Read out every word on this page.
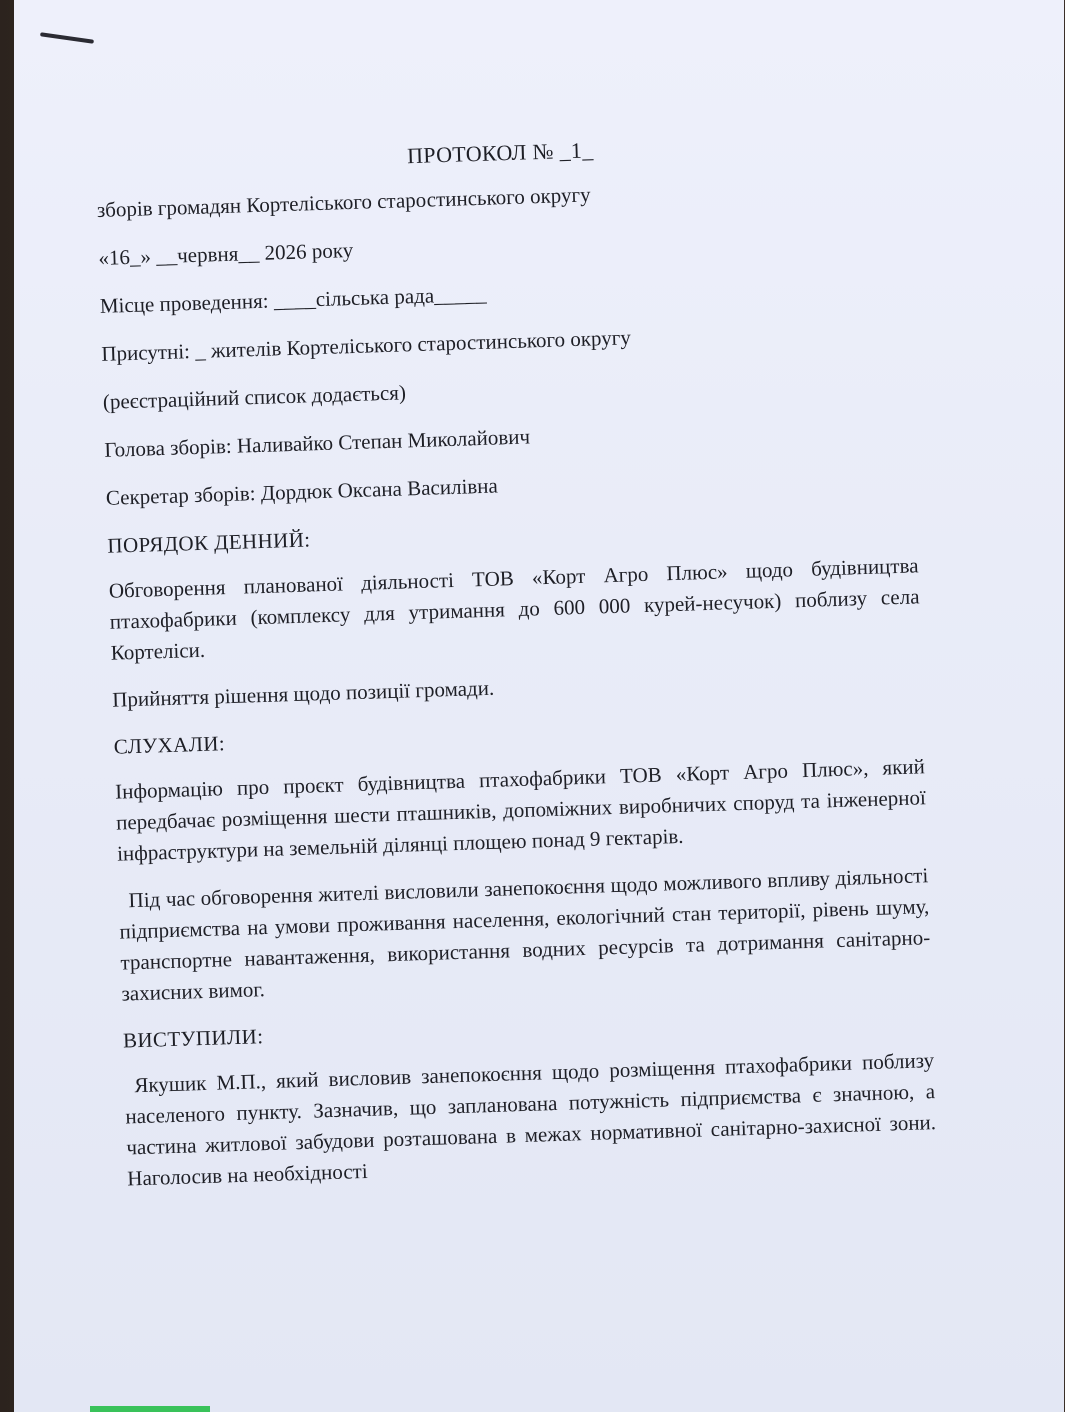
ПРОТОКОЛ № _1_
зборів громадян Кортеліського старостинського округу
«16_» __червня__ 2026 року
Місце проведення: ____сільська рада_____
Присутні: _ жителів Кортеліського старостинського округу
(реєстраційний список додається)
Голова зборів: Наливайко Степан Миколайович
Секретар зборів: Дордюк Оксана Василівна
ПОРЯДОК ДЕННИЙ:
Обговорення планованої діяльності ТОВ «Корт Агро Плюс» щодо будівництва птахофабрики (комплексу для утримання до 600 000 курей-несучок) поблизу села Кортеліси.
Прийняття рішення щодо позиції громади.
СЛУХАЛИ:
Інформацію про проєкт будівництва птахофабрики ТОВ «Корт Агро Плюс», який передбачає розміщення шести пташників, допоміжних виробничих споруд та інженерної інфраструктури на земельній ділянці площею понад 9 гектарів.
Під час обговорення жителі висловили занепокоєння щодо можливого впливу діяльності підприємства на умови проживання населення, екологічний стан території, рівень шуму, транспортне навантаження, використання водних ресурсів та дотримання санітарно-захисних вимог.
ВИСТУПИЛИ:
Якушик М.П., який висловив занепокоєння щодо розміщення птахофабрики поблизу населеного пункту. Зазначив, що запланована потужність підприємства є значною, а частина житлової забудови розташована в межах нормативної санітарно-захисної зони. Наголосив на необхідності
